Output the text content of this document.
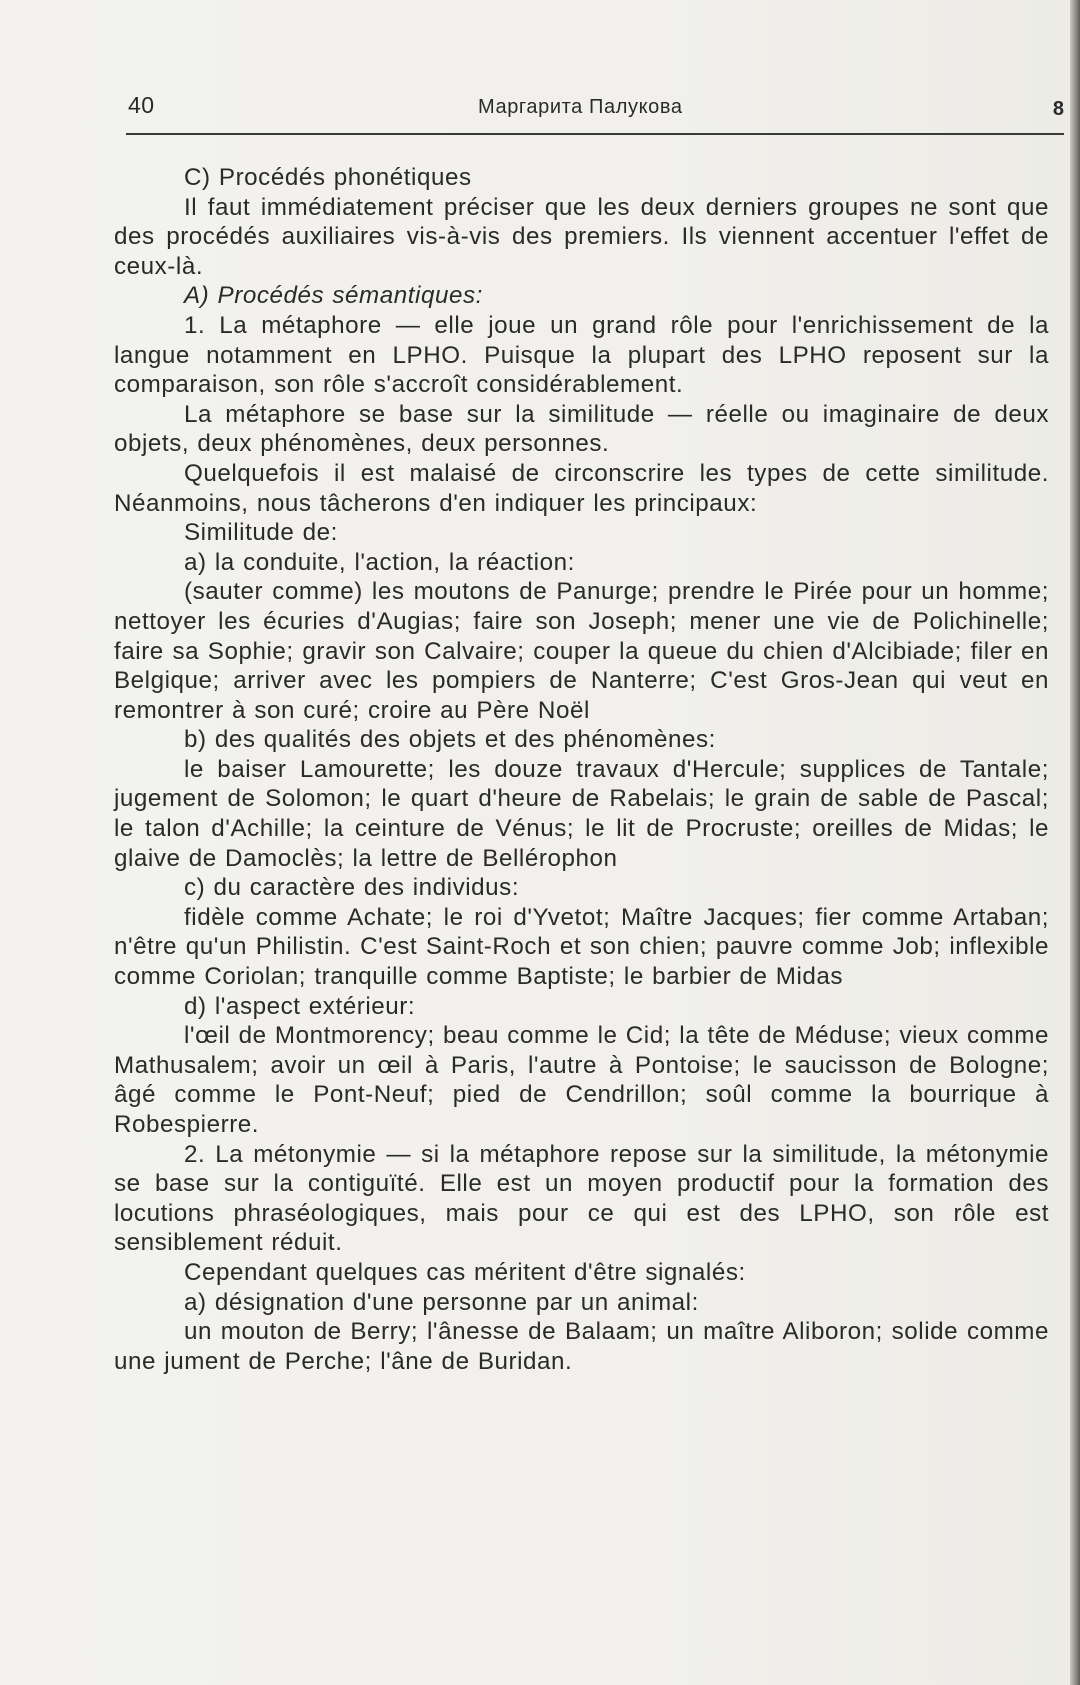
40	Маргарита Палукова	8

C) Procédés phonétiques

Il faut immédiatement préciser que les deux derniers groupes ne sont que des procédés auxiliaires vis-à-vis des premiers. Ils viennent accentuer l'effet de ceux-là.

A) Procédés sémantiques:

1. La métaphore — elle joue un grand rôle pour l'enrichissement de la langue notamment en LPHO. Puisque la plupart des LPHO reposent sur la comparaison, son rôle s'accroît considérablement.

La métaphore se base sur la similitude — réelle ou imaginaire de deux objets, deux phénomènes, deux personnes.

Quelquefois il est malaisé de circonscrire les types de cette similitude. Néanmoins, nous tâcherons d'en indiquer les principaux:

Similitude de:

a) la conduite, l'action, la réaction:

(sauter comme) les moutons de Panurge; prendre le Pirée pour un homme; nettoyer les écuries d'Augias; faire son Joseph; mener une vie de Polichinelle; faire sa Sophie; gravir son Calvaire; couper la queue du chien d'Alcibiade; filer en Belgique; arriver avec les pompiers de Nanterre; C'est Gros-Jean qui veut en remontrer à son curé; croire au Père Noël

b) des qualités des objets et des phénomènes:

le baiser Lamourette; les douze travaux d'Hercule; supplices de Tantale; jugement de Solomon; le quart d'heure de Rabelais; le grain de sable de Pascal; le talon d'Achille; la ceinture de Vénus; le lit de Procruste; oreilles de Midas; le glaive de Damoclès; la lettre de Bellérophon

c) du caractère des individus:

fidèle comme Achate; le roi d'Yvetot; Maître Jacques; fier comme Artaban; n'être qu'un Philistin. C'est Saint-Roch et son chien; pauvre comme Job; inflexible comme Coriolan; tranquille comme Baptiste; le barbier de Midas

d) l'aspect extérieur:

l'œil de Montmorency; beau comme le Cid; la tête de Méduse; vieux comme Mathusalem; avoir un œil à Paris, l'autre à Pontoise; le saucisson de Bologne; âgé comme le Pont-Neuf; pied de Cendrillon; soûl comme la bourrique à Robespierre.

2. La métonymie — si la métaphore repose sur la similitude, la métonymie se base sur la contiguïté. Elle est un moyen productif pour la formation des locutions phraséologiques, mais pour ce qui est des LPHO, son rôle est sensiblement réduit.

Cependant quelques cas méritent d'être signalés:

a) désignation d'une personne par un animal:

un mouton de Berry; l'ânesse de Balaam; un maître Aliboron; solide comme une jument de Perche; l'âne de Buridan.
